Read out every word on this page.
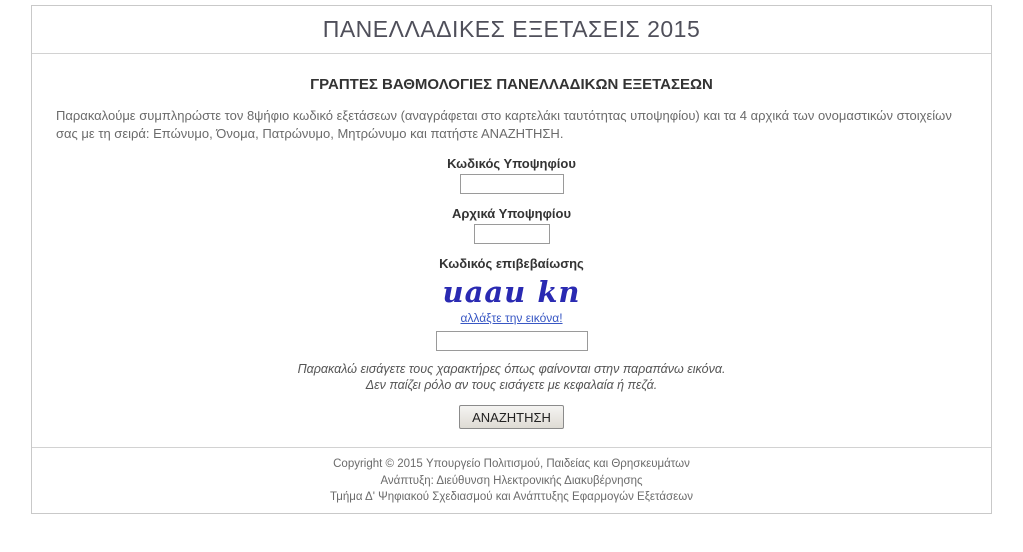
ΠΑΝΕΛΛΑΔΙΚΕΣ ΕΞΕΤΑΣΕΙΣ 2015
ΓΡΑΠΤΕΣ ΒΑΘΜΟΛΟΓΙΕΣ ΠΑΝΕΛΛΑΔΙΚΩΝ ΕΞΕΤΑΣΕΩΝ
Παρακαλούμε συμπληρώστε τον 8ψήφιο κωδικό εξετάσεων (αναγράφεται στο καρτελάκι ταυτότητας υποψηφίου) και τα 4 αρχικά των ονομαστικών στοιχείων σας με τη σειρά: Επώνυμο, Όνομα, Πατρώνυμο, Μητρώνυμο και πατήστε ΑΝΑΖΗΤΗΣΗ.
Κωδικός Υποψηφίου
Αρχικά Υποψηφίου
Κωδικός επιβεβαίωσης
uaau kn
αλλάξτε την εικόνα!
Παρακαλώ εισάγετε τους χαρακτήρες όπως φαίνονται στην παραπάνω εικόνα.
Δεν παίζει ρόλο αν τους εισάγετε με κεφαλαία ή πεζά.
ΑΝΑΖΗΤΗΣΗ
Copyright © 2015 Υπουργείο Πολιτισμού, Παιδείας και Θρησκευμάτων
Ανάπτυξη: Διεύθυνση Ηλεκτρονικής Διακυβέρνησης
Τμήμα Δ' Ψηφιακού Σχεδιασμού και Ανάπτυξης Εφαρμογών Εξετάσεων
